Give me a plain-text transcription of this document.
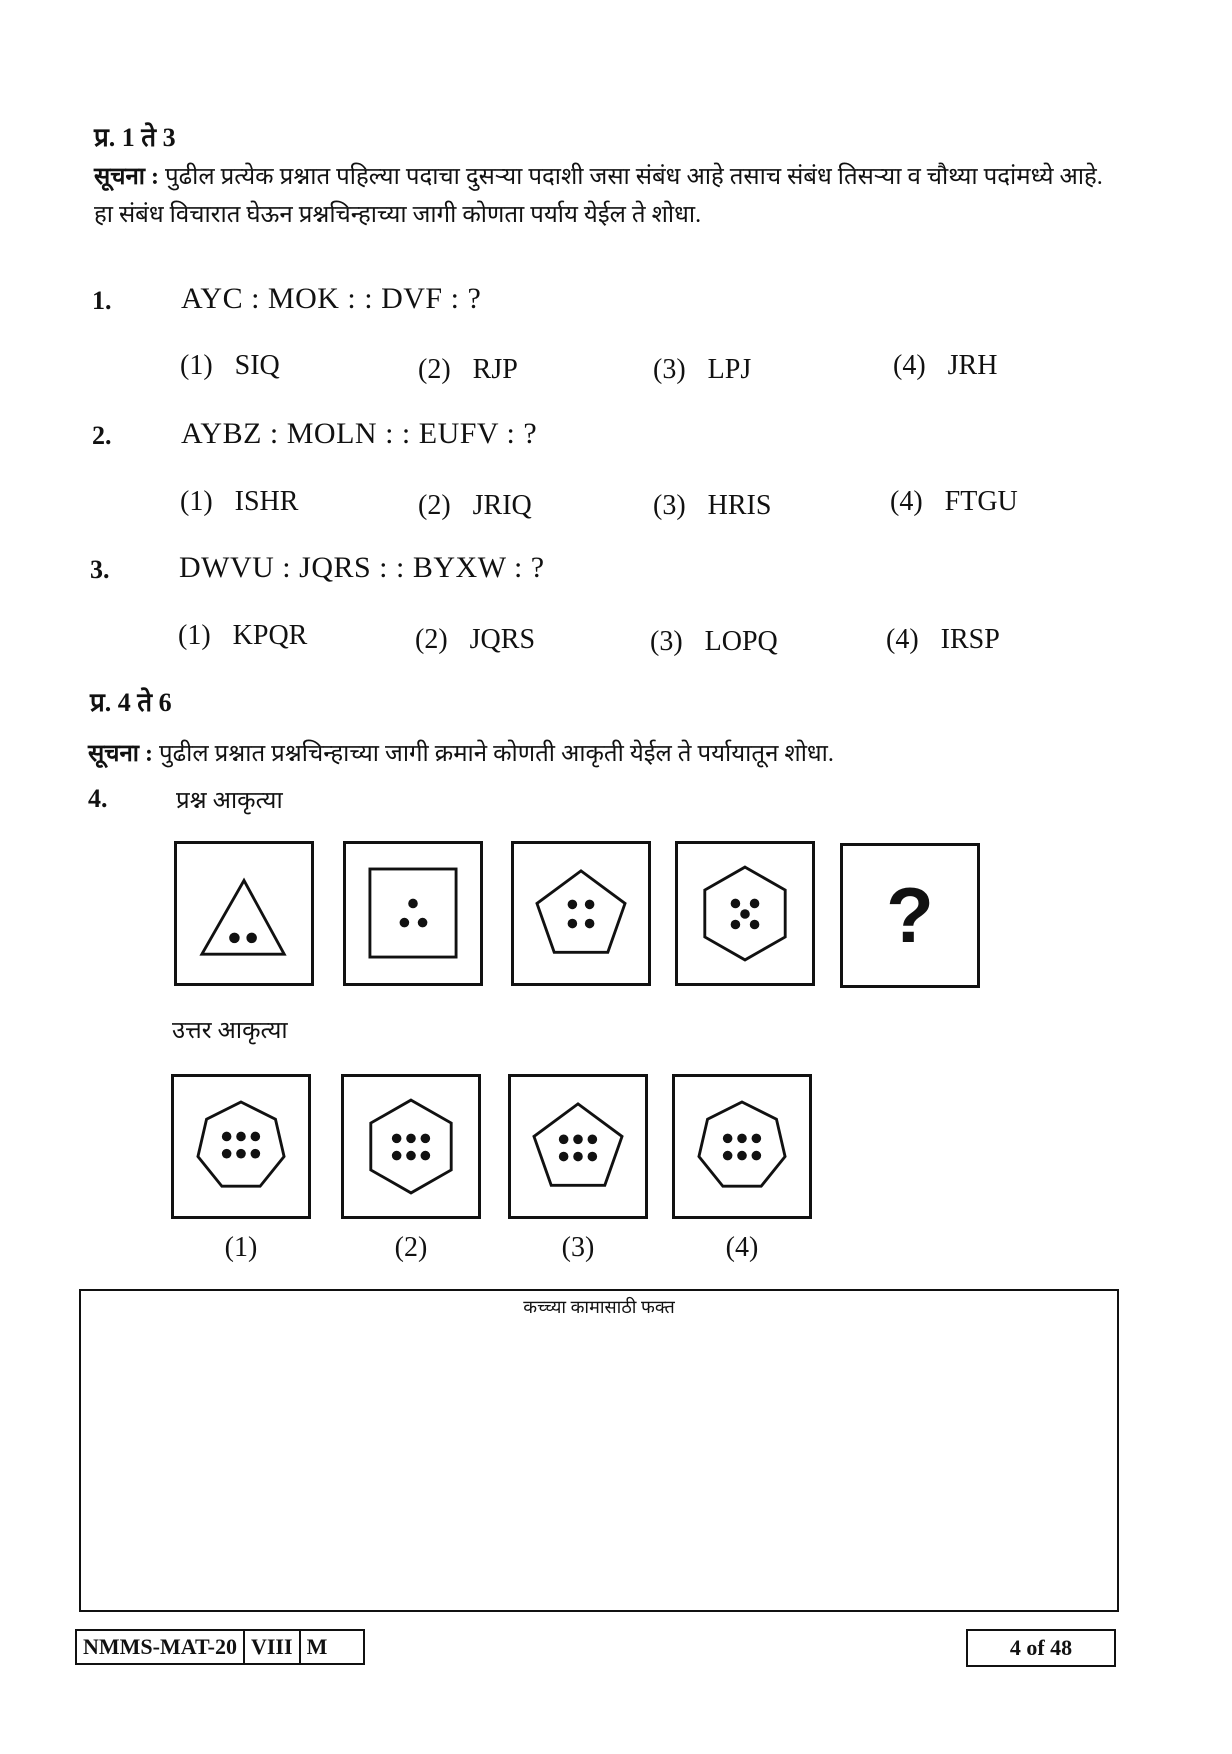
प्र. 1 ते 3
सूचना : पुढील प्रत्येक प्रश्नात पहिल्या पदाचा दुसऱ्या पदाशी जसा संबंध आहे तसाच संबंध तिसऱ्या व चौथ्या पदांमध्ये आहे.
हा संबंध विचारात घेऊन प्रश्नचिन्हाच्या जागी कोणता पर्याय येईल ते शोधा.
1. AYC : MOK : : DVF : ?
(1) SIQ	(2) RJP	(3) LPJ	(4) JRH
2. AYBZ : MOLN : : EUFV : ?
(1) ISHR	(2) JRIQ	(3) HRIS	(4) FTGU
3. DWVU : JQRS : : BYXW : ?
(1) KPQR	(2) JQRS	(3) LOPQ	(4) IRSP
प्र. 4 ते 6
सूचना : पुढील प्रश्नात प्रश्नचिन्हाच्या जागी क्रमाने कोणती आकृती येईल ते पर्यायातून शोधा.
4.	प्रश्न आकृत्या
?
उत्तर आकृत्या
(1)	(2)	(3)	(4)
कच्च्या कामासाठी फक्त
NMMS-MAT-20 VIII M	4 of 48
